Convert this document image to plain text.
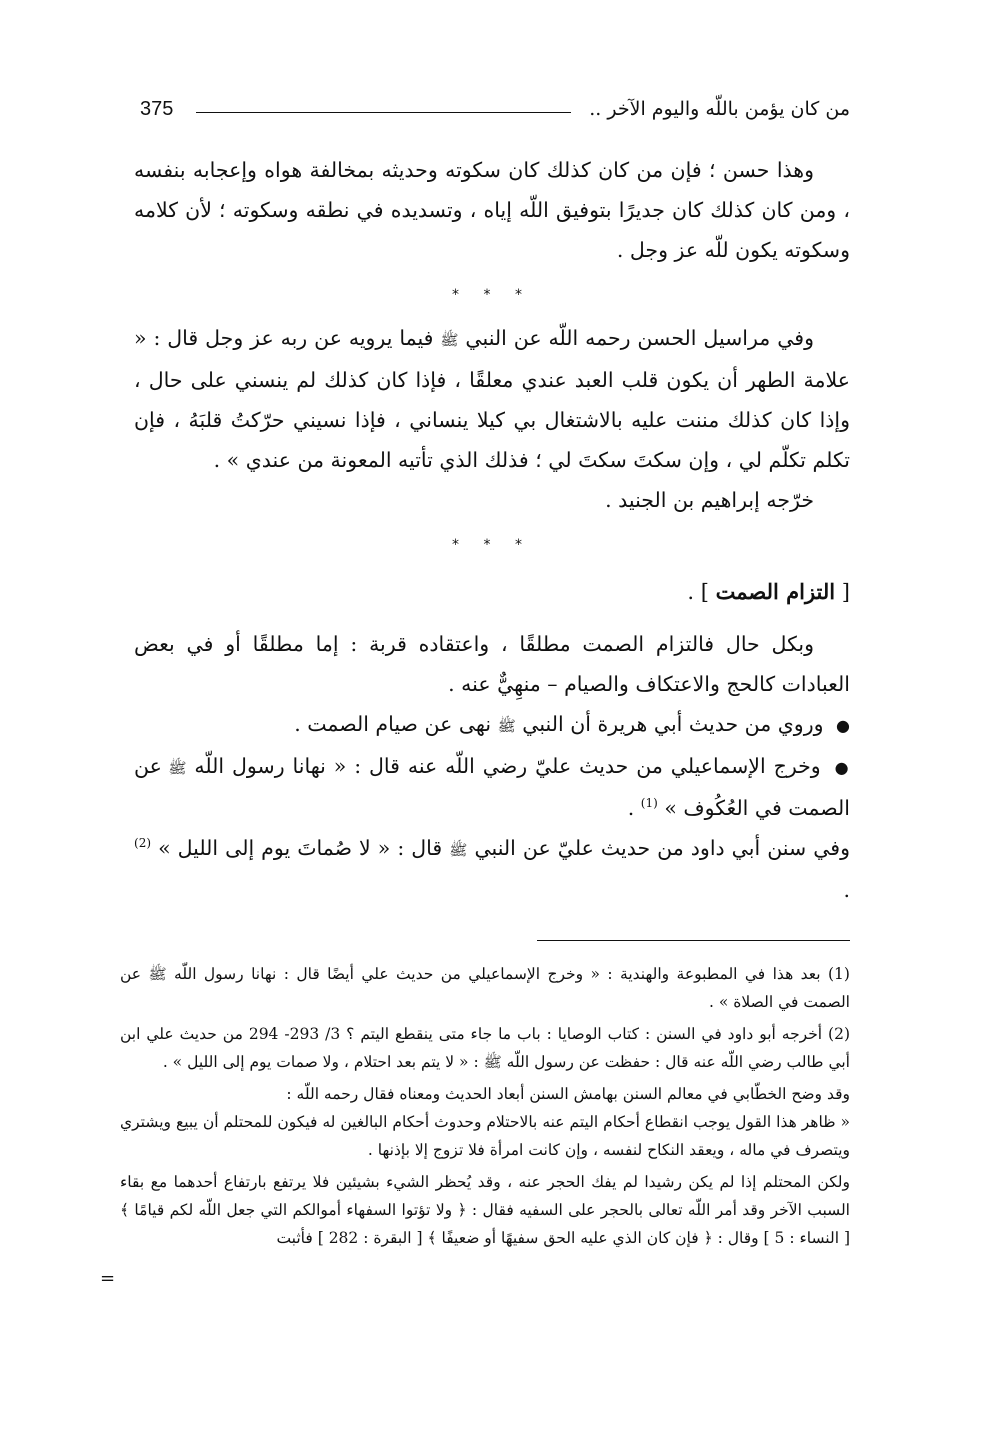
375	من كان يؤمن باللّه واليوم الآخر ..

وهذا حسن ؛ فإن من كان كذلك كان سكوته وحديثه بمخالفة هواه وإعجابه بنفسه ، ومن كان كذلك كان جديرًا بتوفيق اللّه إياه ، وتسديده في نطقه وسكوته ؛ لأن كلامه وسكوته يكون للّه عز وجل .

* * *

وفي مراسيل الحسن رحمه اللّه عن النبي ﷺ فيما يرويه عن ربه عز وجل قال : « علامة الطهر أن يكون قلب العبد عندي معلقًا ، فإذا كان كذلك لم ينسني على حال ، وإذا كان كذلك مننت عليه بالاشتغال بي كيلا ينساني ، فإذا نسيني حرّكتُ قلبَهُ ، فإن تكلم تكلّم لي ، وإن سكتَ سكتَ لي ؛ فذلك الذي تأتيه المعونة من عندي » .

خرّجه إبراهيم بن الجنيد .

* * *

[ التزام الصمت ] .

وبكل حال فالتزام الصمت مطلقًا ، واعتقاده قربة : إما مطلقًا أو في بعض العبادات كالحج والاعتكاف والصيام – منهِيٌّ عنه .

● وروي من حديث أبي هريرة أن النبي ﷺ نهى عن صيام الصمت .

● وخرج الإسماعيلي من حديث عليّ رضي اللّه عنه قال : « نهانا رسول اللّه ﷺ عن الصمت في العُكُوف » $^{(1)}$ .

وفي سنن أبي داود من حديث عليّ عن النبي ﷺ قال : « لا صُماتَ يوم إلى الليل » $^{(2)}$ .

(1) بعد هذا في المطبوعة والهندية : « وخرج الإسماعيلي من حديث علي أيضًا قال : نهانا رسول اللّه ﷺ عن الصمت في الصلاة » .

(2) أخرجه أبو داود في السنن : كتاب الوصايا : باب ما جاء متى ينقطع اليتم ؟ 3/ 293- 294 من حديث علي ابن أبي طالب رضي اللّه عنه قال : حفظت عن رسول اللّه ﷺ : « لا يتم بعد احتلام ، ولا صمات يوم إلى الليل » .

وقد وضح الخطّابي في معالم السنن بهامش السنن أبعاد الحديث ومعناه فقال رحمه اللّه :

« ظاهر هذا القول يوجب انقطاع أحكام اليتم عنه بالاحتلام وحدوث أحكام البالغين له فيكون للمحتلم أن يبيع ويشتري ويتصرف في ماله ، ويعقد النكاح لنفسه ، وإن كانت امرأة فلا تزوج إلا بإذنها .

ولكن المحتلم إذا لم يكن رشيدا لم يفك الحجر عنه ، وقد يُحظر الشيء بشيئين فلا يرتفع بارتفاع أحدهما مع بقاء السبب الآخر وقد أمر اللّه تعالى بالحجر على السفيه فقال : ﴿ ولا تؤتوا السفهاء أموالكم التي جعل اللّه لكم قيامًا ﴾ [ النساء : 5 ] وقال : ﴿ فإن كان الذي عليه الحق سفيهًا أو ضعيفًا ﴾ [ البقرة : 282 ] فأثبت

=
